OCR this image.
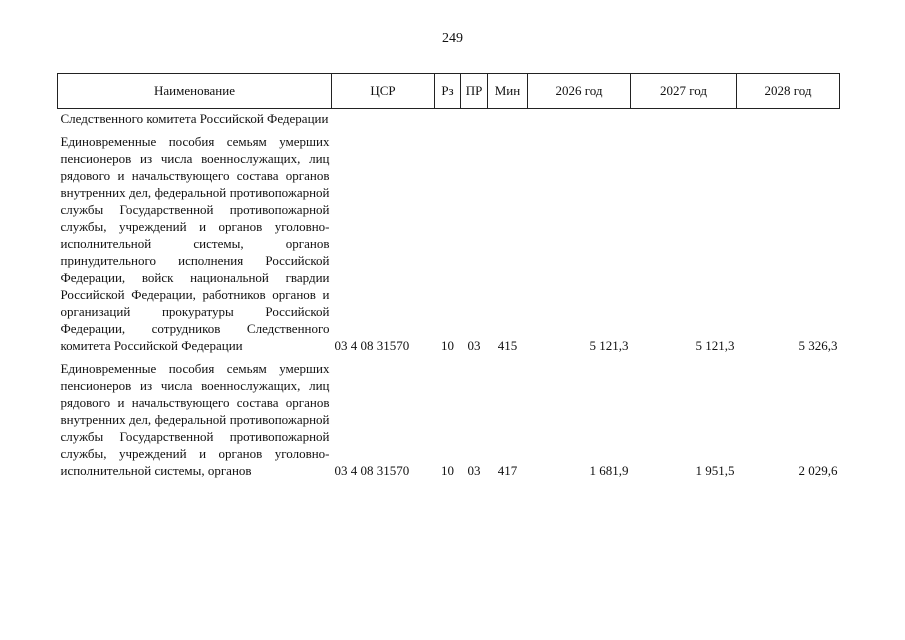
249
Наименование	ЦСР	Рз	ПР	Мин	2026 год	2027 год	2028 год

Следственного комитета Российской Федерации							

Единовременные пособия семьям умерших пенсионеров из числа военнослужащих, лиц рядового и начальствующего состава органов внутренних дел, федеральной противопожарной службы Государственной противопожарной службы, учреждений и органов уголовно-исполнительной системы, органов принудительного исполнения Российской Федерации, войск национальной гвардии Российской Федерации, работников органов и организаций прокуратуры Российской Федерации, сотрудников Следственного комитета Российской Федерации	03 4 08 31570	10	03	415	5 121,3	5 121,3	5 326,3

Единовременные пособия семьям умерших пенсионеров из числа военнослужащих, лиц рядового и начальствующего состава органов внутренних дел, федеральной противопожарной службы Государственной противопожарной службы, учреждений и органов уголовно-исполнительной системы, органов	03 4 08 31570	10	03	417	1 681,9	1 951,5	2 029,6
